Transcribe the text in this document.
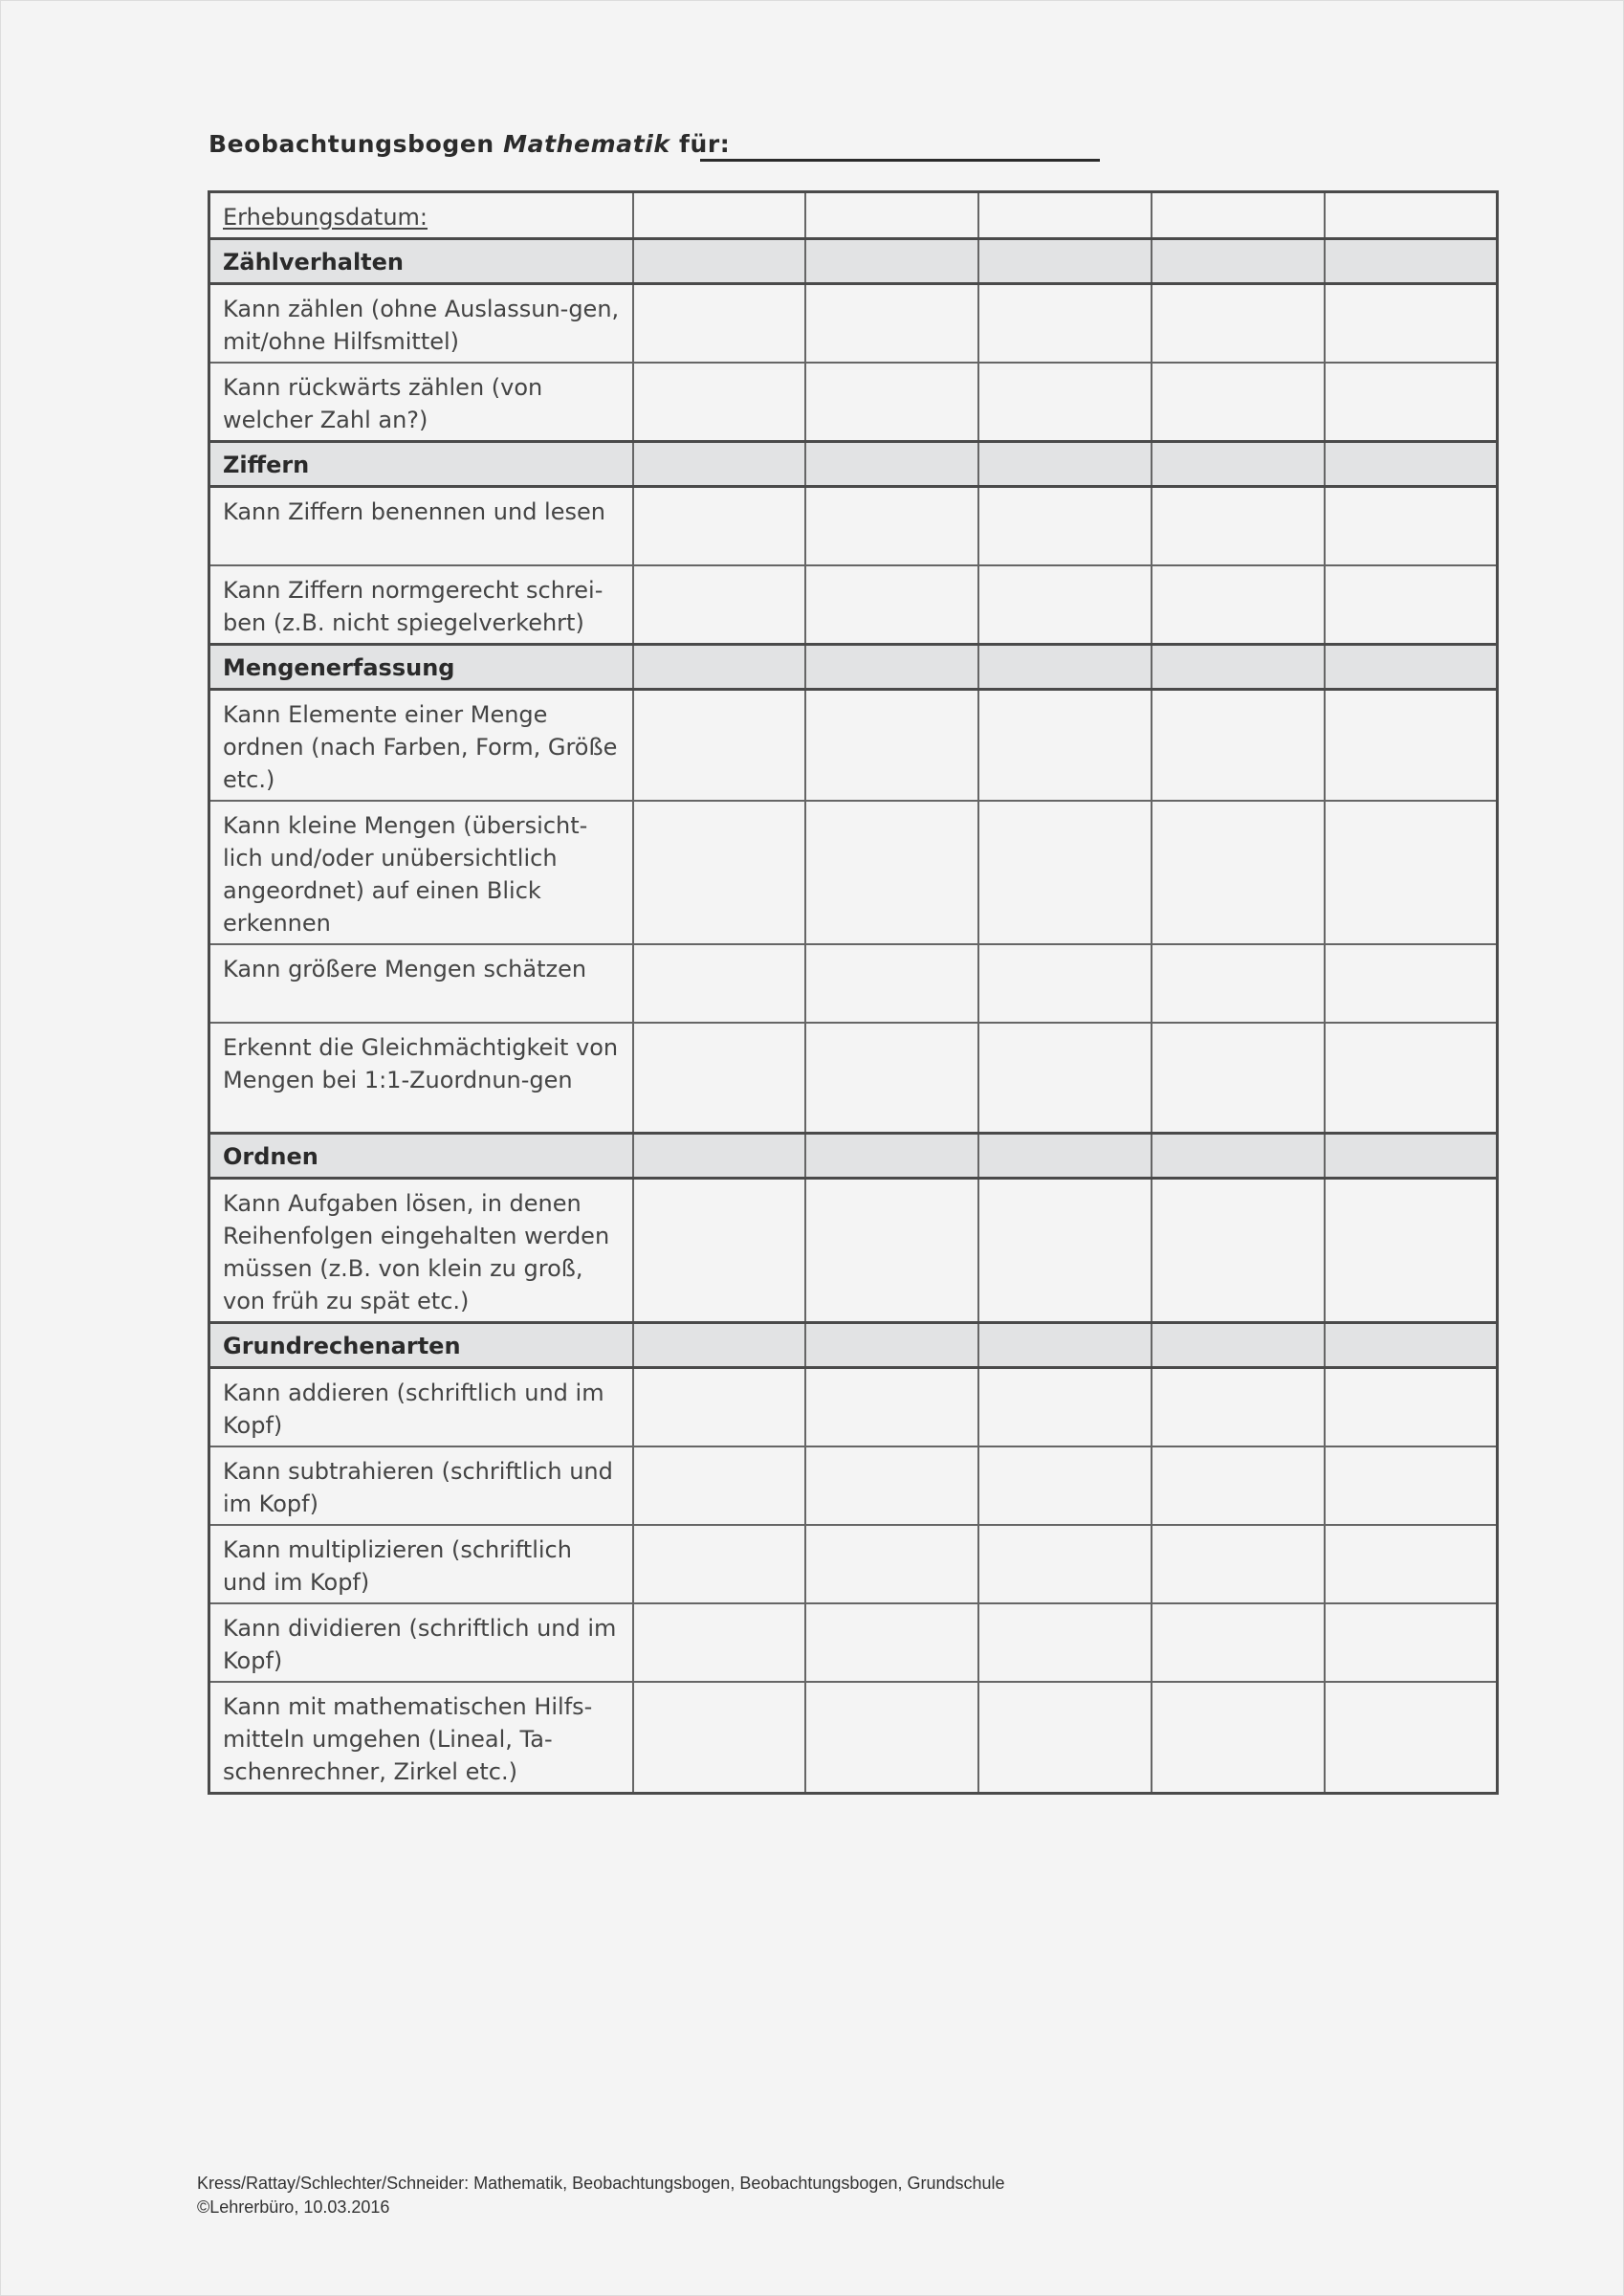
Beobachtungsbogen Mathematik für:
Erhebungsdatum:					
Zählverhalten					
Kann zählen (ohne Auslassun-gen, mit/ohne Hilfsmittel)					
Kann rückwärts zählen (von welcher Zahl an?)					
Ziffern					
Kann Ziffern benennen und lesen					
Kann Ziffern normgerecht schrei-ben (z.B. nicht spiegelverkehrt)					
Mengenerfassung					
Kann Elemente einer Menge ordnen (nach Farben, Form, Größe etc.)					
Kann kleine Mengen (übersicht-lich und/oder unübersichtlich angeordnet) auf einen Blick erkennen					
Kann größere Mengen schätzen					
Erkennt die Gleichmächtigkeit von Mengen bei 1:1-Zuordnun-gen					
Ordnen					
Kann Aufgaben lösen, in denen Reihenfolgen eingehalten werden müssen (z.B. von klein zu groß, von früh zu spät etc.)					
Grundrechenarten					
Kann addieren (schriftlich und im Kopf)					
Kann subtrahieren (schriftlich und im Kopf)					
Kann multiplizieren (schriftlich und im Kopf)					
Kann dividieren (schriftlich und im Kopf)					
Kann mit mathematischen Hilfs-mitteln umgehen (Lineal, Ta-schenrechner, Zirkel etc.)					
Kress/Rattay/Schlechter/Schneider: Mathematik, Beobachtungsbogen, Beobachtungsbogen, Grundschule
©Lehrerbüro, 10.03.2016
